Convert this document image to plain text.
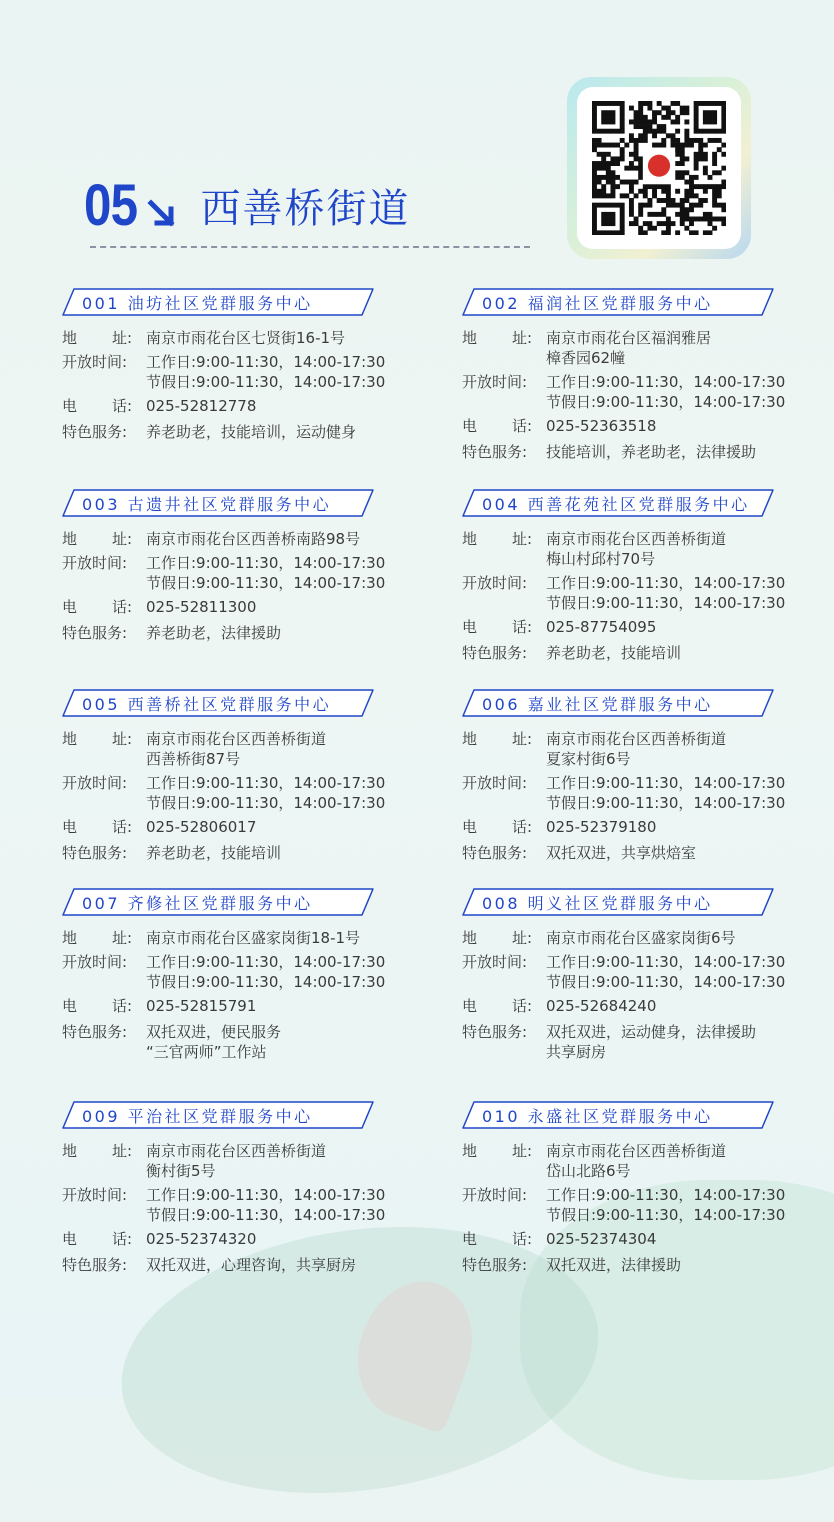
05 西善桥街道
001 油坊社区党群服务中心
地 址: 南京市雨花台区七贤街16-1号
开放时间:	工作日:9:00-11:30，14:00-17:30
节假日:9:00-11:30，14:00-17:30
电 话: 025-52812778
特色服务:	养老助老，技能培训，运动健身
002 福润社区党群服务中心
地 址: 南京市雨花台区福润雅居
樟香园62幢
开放时间:	工作日:9:00-11:30，14:00-17:30
节假日:9:00-11:30，14:00-17:30
电 话: 025-52363518
特色服务:	技能培训，养老助老，法律援助
003 古遗井社区党群服务中心
地 址: 南京市雨花台区西善桥南路98号
开放时间:	工作日:9:00-11:30，14:00-17:30
节假日:9:00-11:30，14:00-17:30
电 话: 025-52811300
特色服务:	养老助老，法律援助
004 西善花苑社区党群服务中心
地 址: 南京市雨花台区西善桥街道
梅山村邱村70号
开放时间:	工作日:9:00-11:30，14:00-17:30
节假日:9:00-11:30，14:00-17:30
电 话: 025-87754095
特色服务:	养老助老，技能培训
005 西善桥社区党群服务中心
地 址: 南京市雨花台区西善桥街道
西善桥街87号
开放时间:	工作日:9:00-11:30，14:00-17:30
节假日:9:00-11:30，14:00-17:30
电 话: 025-52806017
特色服务:	养老助老，技能培训
006 嘉业社区党群服务中心
地 址: 南京市雨花台区西善桥街道
夏家村街6号
开放时间:	工作日:9:00-11:30，14:00-17:30
节假日:9:00-11:30，14:00-17:30
电 话: 025-52379180
特色服务:	双托双进，共享烘焙室
007 齐修社区党群服务中心
地 址: 南京市雨花台区盛家岗街18-1号
开放时间:	工作日:9:00-11:30，14:00-17:30
节假日:9:00-11:30，14:00-17:30
电 话: 025-52815791
特色服务:	双托双进，便民服务
“三官两师”工作站
008 明义社区党群服务中心
地 址: 南京市雨花台区盛家岗街6号
开放时间:	工作日:9:00-11:30，14:00-17:30
节假日:9:00-11:30，14:00-17:30
电 话: 025-52684240
特色服务:	双托双进，运动健身，法律援助
共享厨房
009 平治社区党群服务中心
地 址: 南京市雨花台区西善桥街道
衡村街5号
开放时间:	工作日:9:00-11:30，14:00-17:30
节假日:9:00-11:30，14:00-17:30
电 话: 025-52374320
特色服务:	双托双进，心理咨询，共享厨房
010 永盛社区党群服务中心
地 址: 南京市雨花台区西善桥街道
岱山北路6号
开放时间:	工作日:9:00-11:30，14:00-17:30
节假日:9:00-11:30，14:00-17:30
电 话: 025-52374304
特色服务:	双托双进，法律援助
